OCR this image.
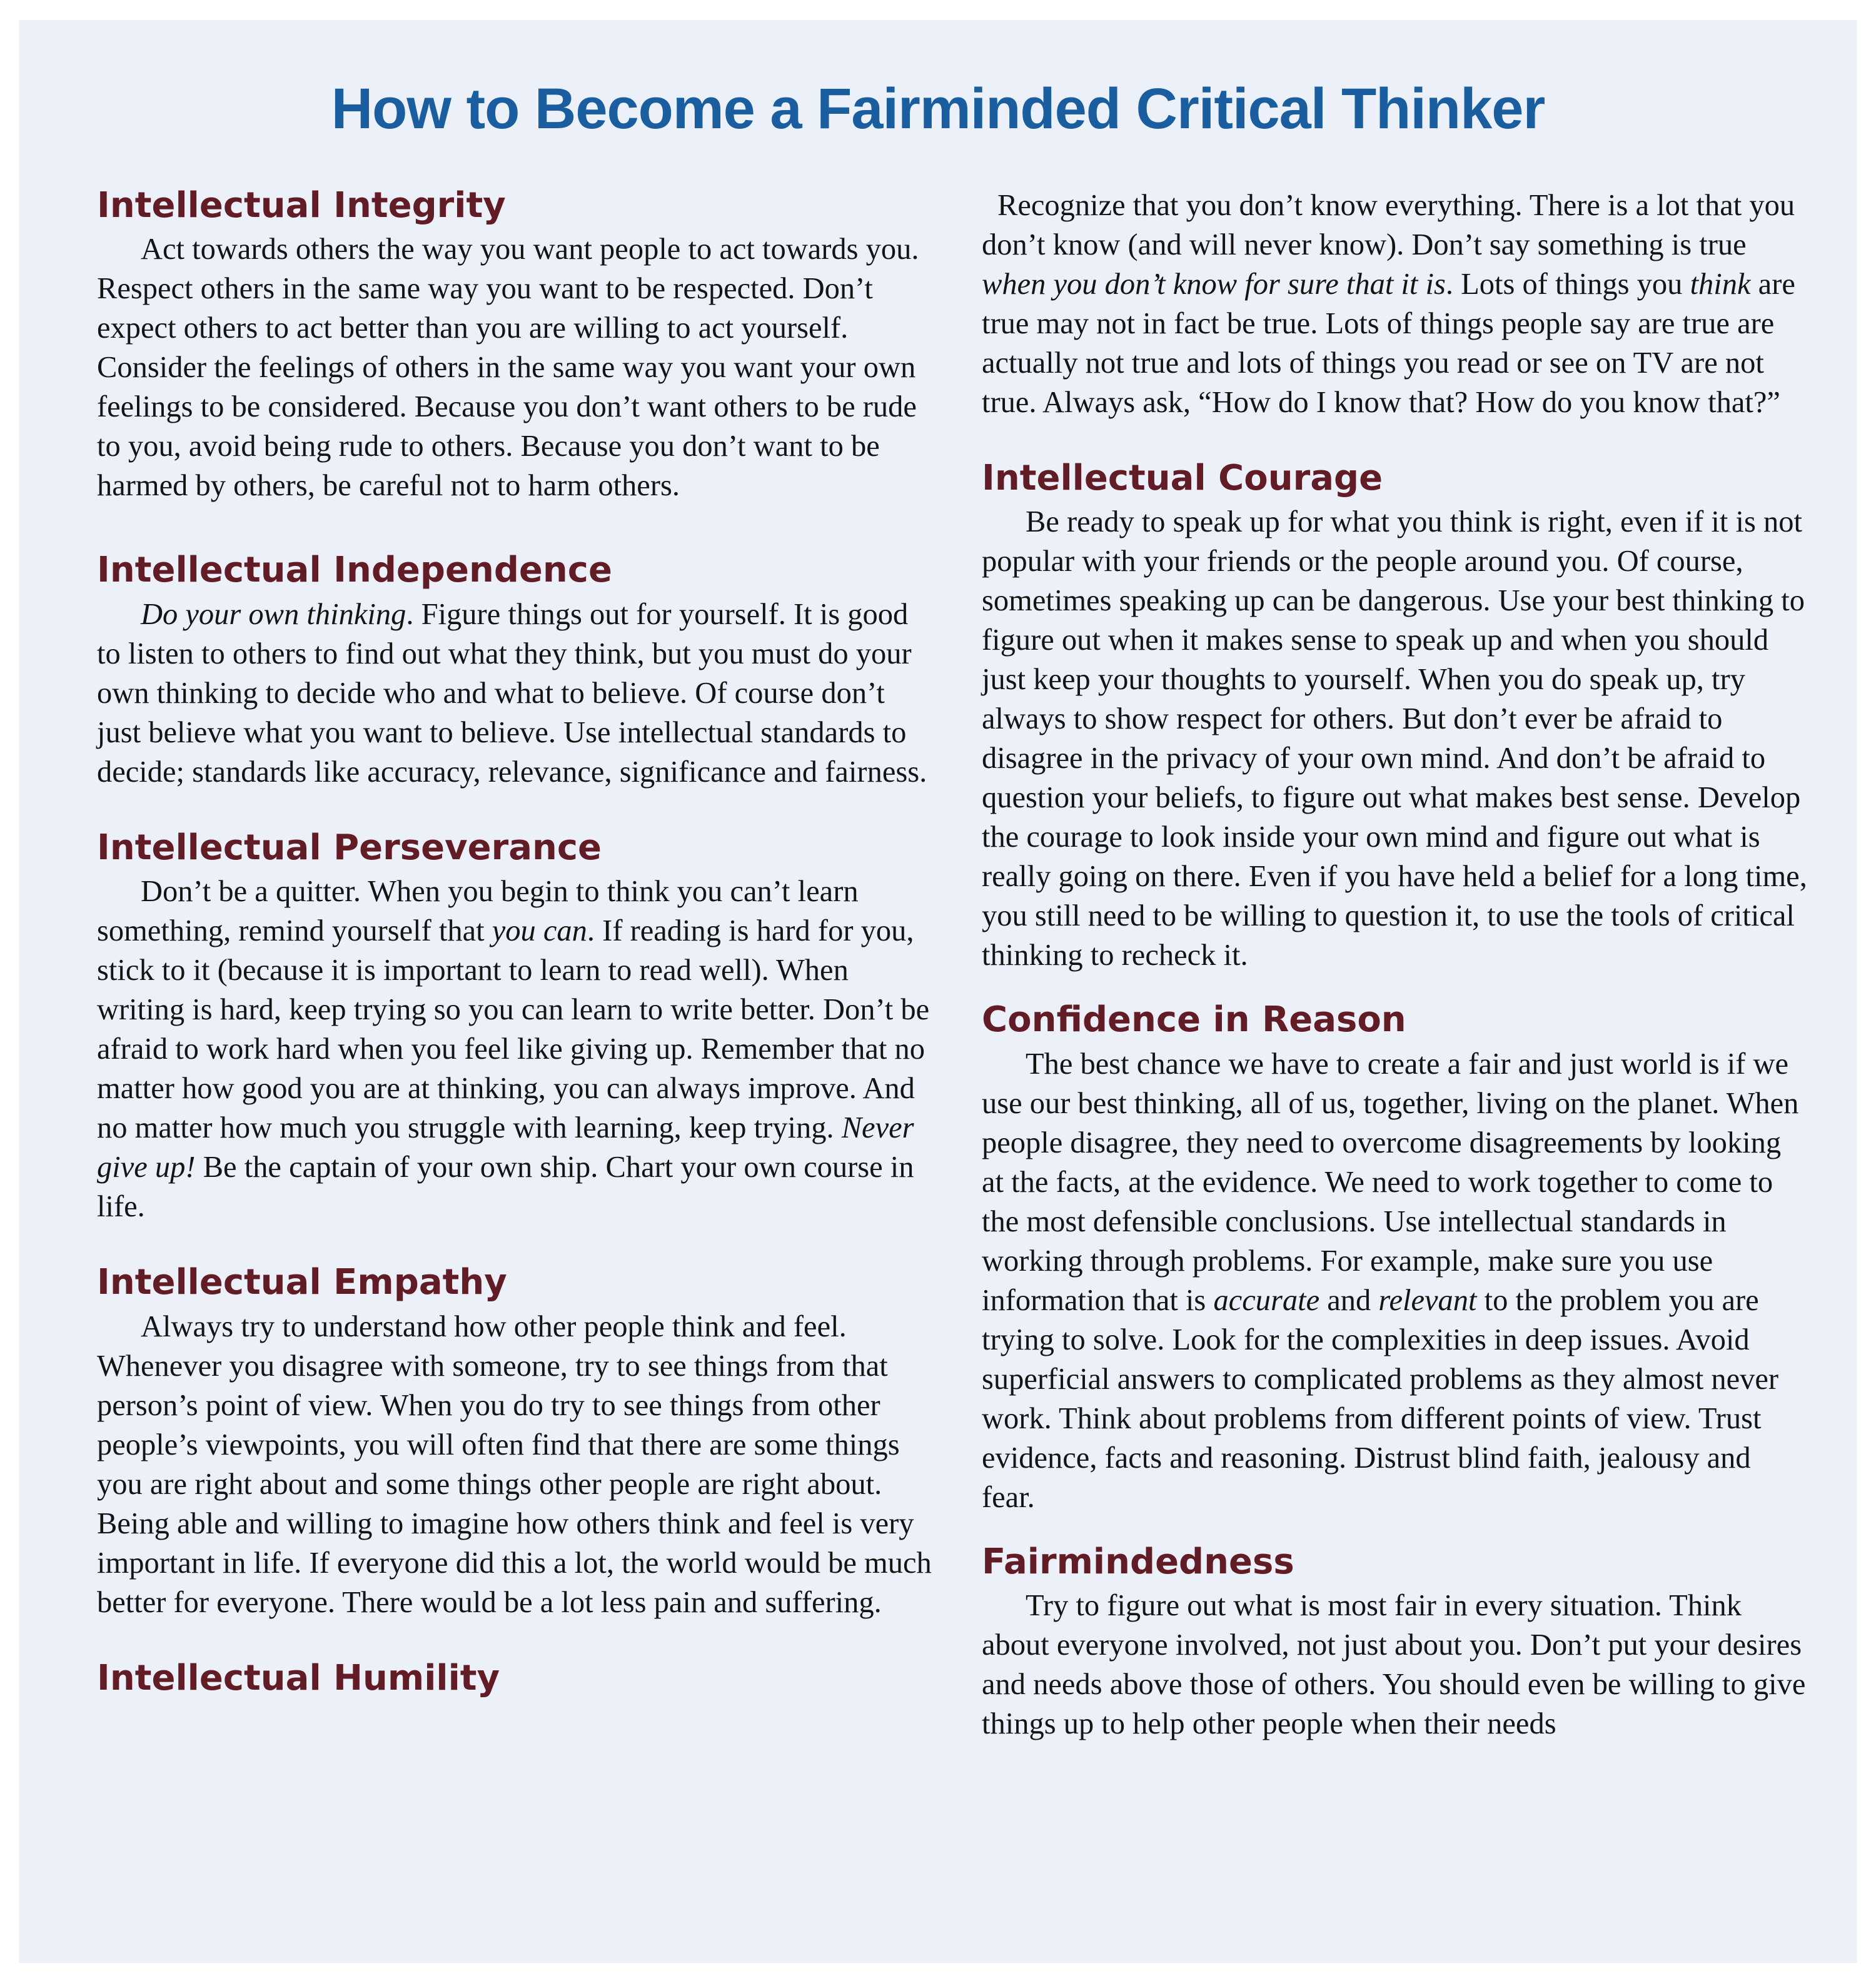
How to Become a Fairminded Critical Thinker
Intellectual Integrity

Act towards others the way you want people to act towards you. Respect others in the same way you want to be respected. Don’t expect others to act better than you are willing to act yourself. Consider the feelings of others in the same way you want your own feelings to be considered. Because you don’t want others to be rude to you, avoid being rude to others. Because you don’t want to be harmed by others, be careful not to harm others.

Intellectual Independence

Do your own thinking. Figure things out for yourself. It is good to listen to others to find out what they think, but you must do your own thinking to decide who and what to believe. Of course don’t just believe what you want to believe. Use intellectual standards to decide; standards like accuracy, relevance, significance and fairness.

Intellectual Perseverance

Don’t be a quitter. When you begin to think you can’t learn something, remind yourself that you can. If reading is hard for you, stick to it (because it is important to learn to read well). When writing is hard, keep trying so you can learn to write better. Don’t be afraid to work hard when you feel like giving up. Remember that no matter how good you are at thinking, you can always improve. And no matter how much you struggle with learning, keep trying. Never give up! Be the captain of your own ship. Chart your own course in life.

Intellectual Empathy

Always try to understand how other people think and feel. Whenever you disagree with someone, try to see things from that person’s point of view. When you do try to see things from other people’s viewpoints, you will often find that there are some things you are right about and some things other people are right about. Being able and willing to imagine how others think and feel is very important in life. If everyone did this a lot, the world would be much better for everyone. There would be a lot less pain and suffering.

Intellectual Humility

Recognize that you don’t know everything. There is a lot that you don’t know (and will never know). Don’t say something is true when you don’t know for sure that it is. Lots of things you think are true may not in fact be true. Lots of things people say are true are actually not true and lots of things you read or see on TV are not true. Always ask, “How do I know that? How do you know that?”

Intellectual Courage

Be ready to speak up for what you think is right, even if it is not popular with your friends or the people around you. Of course, sometimes speaking up can be dangerous. Use your best thinking to figure out when it makes sense to speak up and when you should just keep your thoughts to yourself. When you do speak up, try always to show respect for others. But don’t ever be afraid to disagree in the privacy of your own mind. And don’t be afraid to question your beliefs, to figure out what makes best sense. Develop the courage to look inside your own mind and figure out what is really going on there. Even if you have held a belief for a long time, you still need to be willing to question it, to use the tools of critical thinking to recheck it.

Confidence in Reason

The best chance we have to create a fair and just world is if we use our best thinking, all of us, together, living on the planet. When people disagree, they need to overcome disagreements by looking at the facts, at the evidence. We need to work together to come to the most defensible conclusions. Use intellectual standards in working through problems. For example, make sure you use information that is accurate and relevant to the problem you are trying to solve. Look for the complexities in deep issues. Avoid superficial answers to complicated problems as they almost never work. Think about problems from different points of view. Trust evidence, facts and reasoning. Distrust blind faith, jealousy and fear.

Fairmindedness

Try to figure out what is most fair in every situation. Think about everyone involved, not just about you. Don’t put your desires and needs above those of others. You should even be willing to give things up to help other people when their needs
